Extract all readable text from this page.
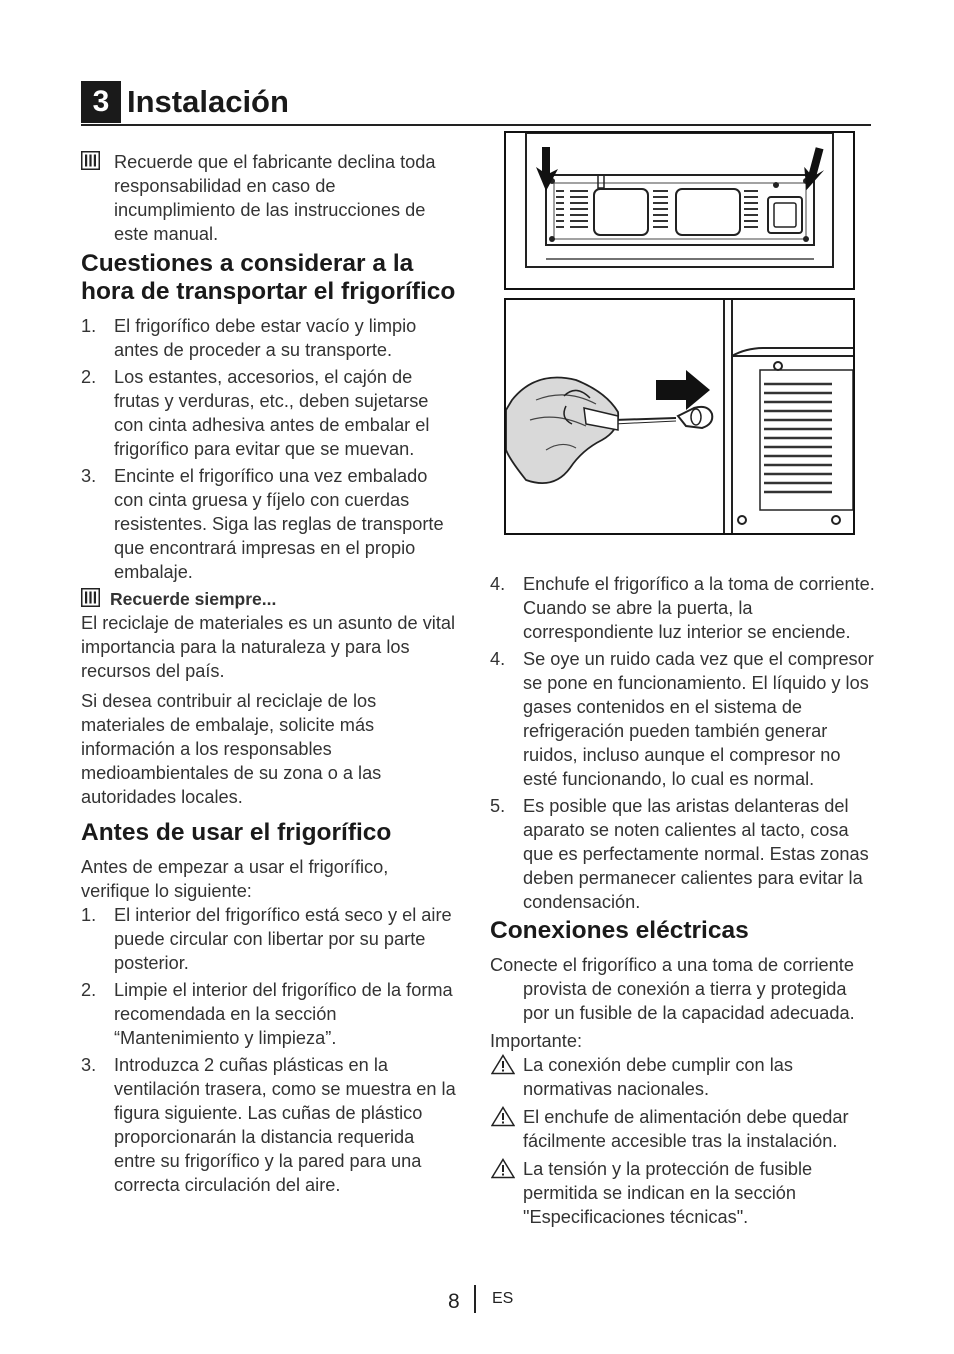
3 Instalación
Recuerde que el fabricante declina toda responsabilidad en caso de incumplimiento de las instrucciones de este manual.
Cuestiones a considerar a la hora de transportar el frigorífico
1. El frigorífico debe estar vacío y limpio antes de proceder a su transporte.
2. Los estantes, accesorios, el cajón de frutas y verduras, etc., deben sujetarse con cinta adhesiva antes de embalar el frigorífico para evitar que se muevan.
3. Encinte el frigorífico una vez embalado con cinta gruesa y fíjelo con cuerdas resistentes. Siga las reglas de transporte que encontrará impresas en el propio embalaje.
Recuerde siempre...

El reciclaje de materiales es un asunto de vital importancia para la naturaleza y para los recursos del país.

Si desea contribuir al reciclaje de los materiales de embalaje, solicite más información a los responsables medioambientales de su zona o a las autoridades locales.

Antes de usar el frigorífico

Antes de empezar a usar el frigorífico, verifique lo siguiente:

1. El interior del frigorífico está seco y el aire puede circular con libertar por su parte posterior.
2. Limpie el interior del frigorífico de la forma recomendada en la sección “Mantenimiento y limpieza”.
3. Introduzca 2 cuñas plásticas en la ventilación trasera, como se muestra en la figura siguiente. Las cuñas de plástico proporcionarán la distancia requerida entre su frigorífico y la pared para una correcta circulación del aire.
4. Enchufe el frigorífico a la toma de corriente. Cuando se abre la puerta, la correspondiente luz interior se enciende.
4. Se oye un ruido cada vez que el compresor se pone en funcionamiento. El líquido y los gases contenidos en el sistema de refrigeración pueden también generar ruidos, incluso aunque el compresor no esté funcionando, lo cual es normal.
5. Es posible que las aristas delanteras del aparato se noten calientes al tacto, cosa que es perfectamente normal. Estas zonas deben permanecer calientes para evitar la condensación.
Conexiones eléctricas

Conecte el frigorífico a una toma de corriente provista de conexión a tierra y protegida por un fusible de la capacidad adecuada.

Importante:

La conexión debe cumplir con las normativas nacionales.
El enchufe de alimentación debe quedar fácilmente accesible tras la instalación.
La tensión y la protección de fusible permitida se indican en la sección "Especificaciones técnicas".
8 ES
